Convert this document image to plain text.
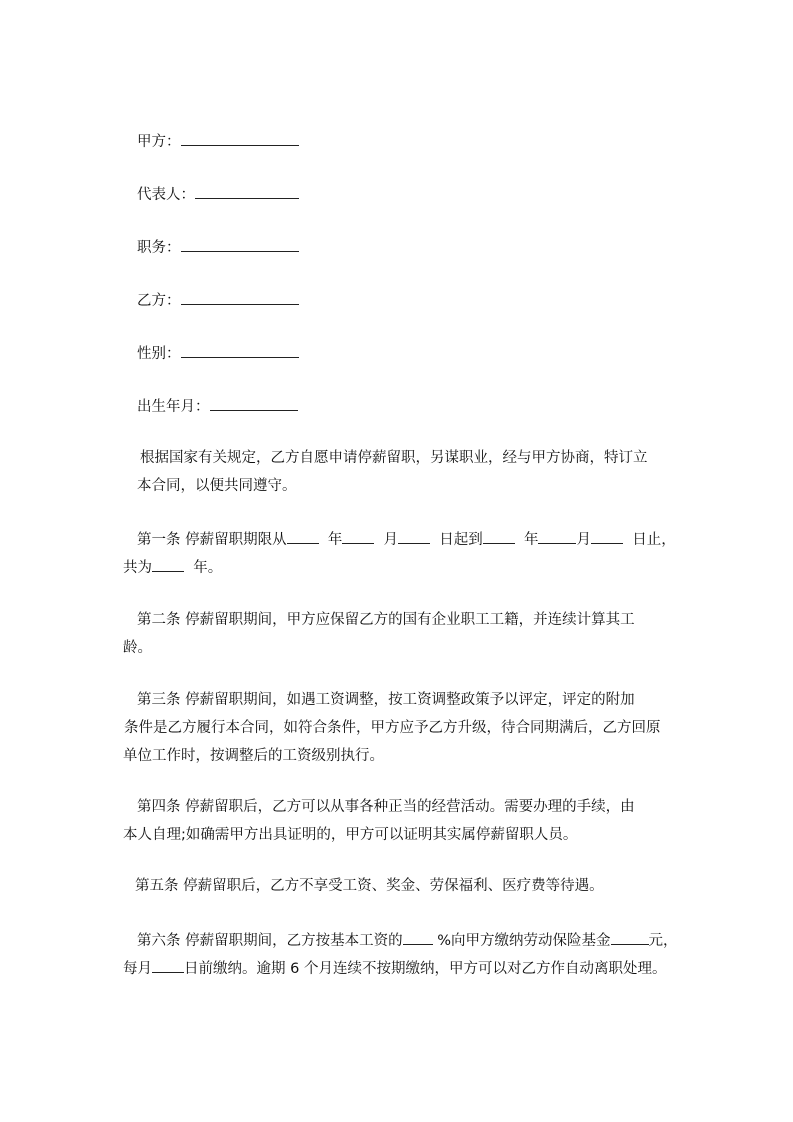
甲方：
代表人：
职务：
乙方：
性别：
出生年月：
根据国家有关规定，乙方自愿申请停薪留职，另谋职业，经与甲方协商，特订立
本合同，以便共同遵守。
第一条 停薪留职期限从	年	月	日起到	年	月	日止，
共为	年。
第二条 停薪留职期间，甲方应保留乙方的国有企业职工工籍，并连续计算其工
龄。
第三条 停薪留职期间，如遇工资调整，按工资调整政策予以评定，评定的附加
条件是乙方履行本合同，如符合条件，甲方应予乙方升级，待合同期满后，乙方回原
单位工作时，按调整后的工资级别执行。
第四条 停薪留职后，乙方可以从事各种正当的经营活动。需要办理的手续，由
本人自理;如确需甲方出具证明的，甲方可以证明其实属停薪留职人员。
第五条 停薪留职后，乙方不享受工资、奖金、劳保福利、医疗费等待遇。
第六条 停薪留职期间，乙方按基本工资的 %向甲方缴纳劳动保险基金	元，
每月 日前缴纳。逾期 6 个月连续不按期缴纳，甲方可以对乙方作自动离职处理。
